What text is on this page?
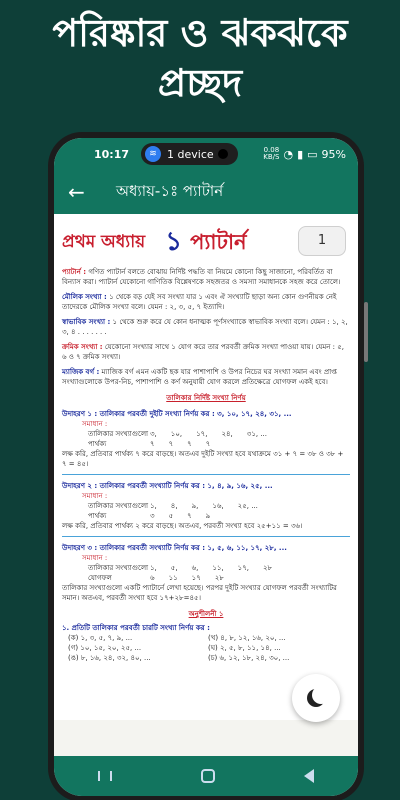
পরিষ্কার ও ঝকঝকে
প্রচ্ছদ
10:17	≋ 1 device	0.08
KB/S ◔ ▮ ▭ 95%
←	অধ্যায়-১ঃ প্যাটার্ন
প্রথম অধ্যায় ১ প্যাটার্ন	1
প্যাটার্ন : গণিত প্যাটার্ন বলতে বোঝায় নির্দিষ্ট পদ্ধতি বা নিয়মে কোনো কিছু সাজানো, পরিবর্তিত বা বিন্যাস করা। প্যাটার্ন যেকোনো গাণিতিক বিশ্লেষণকে সহজতর ও সমস্যা সমাধানকে সহজ করে তোলে।
মৌলিক সংখ্যা : ১ থেকে বড় যেই সব সংখ্যা যার ১ এবং ঐ সংখ্যাটি ছাড়া অন্য কোন গুণনীয়ক নেই তাদেরকে মৌলিক সংখ্যা বলে। যেমন : ২, ৩, ৫, ৭ ইত্যাদি।
স্বাভাবিক সংখ্যা : ১ থেকে শুরু করে যে কোন ধনাত্মক পূর্ণসংখ্যাকে স্বাভাবিক সংখ্যা বলে। যেমন : ১, ২, ৩, ৪ . . . . . . .
ক্রমিক সংখ্যা : যেকোনো সংখ্যার সাথে ১ যোগ করে তার পরবর্তী ক্রমিক সংখ্যা পাওয়া যায়। যেমন : ৫, ৬ ও ৭ ক্রমিক সংখ্যা।
ম্যাজিক বর্গ : ম্যাজিক বর্গ এমন একটি ছক যার পাশাপাশি ও উপর নিচের ঘর সংখ্যা সমান এবং প্রাপ্ত সংখ্যাগুলোকে উপর-নিচ, পাশাপাশি ও কর্ণ অনুযায়ী যোগ করলে প্রতিক্ষেত্রে যোগফল একই হবে।
তালিকার নির্দিষ্ট সংখ্যা নির্ণয়
উদাহরণ ১ : তালিকার পরবর্তী দুইটি সংখ্যা নির্ণয় কর : ৩, ১০, ১৭, ২৪, ৩১, ...
সমাধান :
তালিকার সংখ্যাগুলো ৩, ১০, ১৭, ২৪, ৩১, ...
পার্থক্য	৭ ৭ ৭ ৭
লক্ষ করি, প্রতিবার পার্থক্য ৭ করে বাড়ছে। অতএব দুইটি সংখ্যা হবে যথাক্রমে ৩১ + ৭ = ৩৮ ও ৩৮ + ৭ = ৪৫।
উদাহরণ ২ : তালিকার পরবর্তী সংখ্যাটি নির্ণয় কর : ১, ৪, ৯, ১৬, ২৫, ...
সমাধান :
তালিকার সংখ্যাগুলো ১, ৪, ৯, ১৬, ২৫, ...
পার্থক্য	৩ ৫ ৭ ৯
লক্ষ করি, প্রতিবার পার্থক্য ২ করে বাড়ছে। অতএব, পরবর্তী সংখ্যা হবে ২৫+১১ = ৩৬।
উদাহরণ ৩ : তালিকার পরবর্তী সংখ্যাটি নির্ণয় কর : ১, ৫, ৬, ১১, ১৭, ২৮, ...
সমাধান :
তালিকার সংখ্যাগুলো ১, ৫, ৬, ১১, ১৭, ২৮
যোগফল	৬ ১১ ১৭ ২৮
তালিকার সংখ্যাগুলো একটি প্যাটার্নে লেখা হয়েছে। পরপর দুইটি সংখ্যার যোগফল পরবর্তী সংখ্যাটির সমান। অতএব, পরবর্তী সংখ্যা হবে ১৭+২৮=৪৫।
অনুশীলনী ১
১. প্রতিটি তালিকার পরবর্তী চারটি সংখ্যা নির্ণয় কর :
(ক) ১, ৩, ৫, ৭, ৯, ...	(খ) ৪, ৮, ১২, ১৬, ২০, ...
(গ) ১০, ১৫, ২০, ২৫, ...	(ঘ) ২, ৫, ৮, ১১, ১৪, ...
(ঙ) ৮, ১৬, ২৪, ৩২, ৪০, ...	(চ) ৬, ১২, ১৮, ২৪, ৩০, ...
